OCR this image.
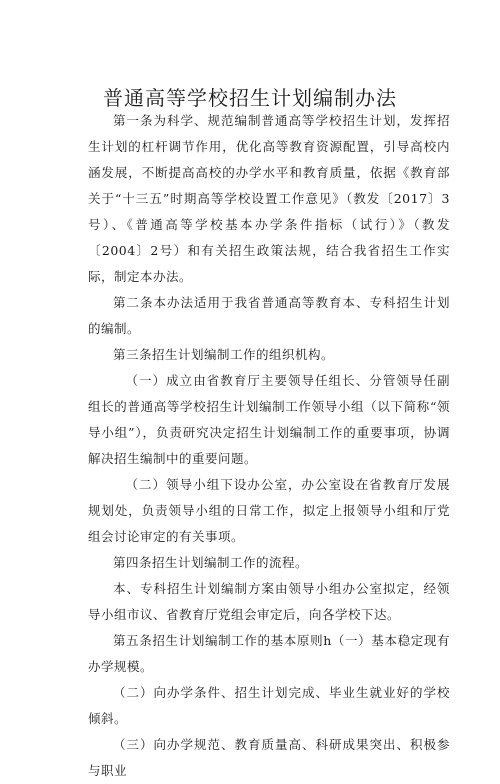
普通高等学校招生计划编制办法

第一条为科学、规范编制普通高等学校招生计划，发挥招生计划的杠杆调节作用，优化高等教育资源配置，引导高校内涵发展，不断提高高校的办学水平和教育质量，依据《教育部关于“十三五”时期高等学校设置工作意见》（教发〔2017〕3号）、《普通高等学校基本办学条件指标（试行）》（教发〔2004〕2号）和有关招生政策法规，结合我省招生工作实际，制定本办法。

第二条本办法适用于我省普通高等教育本、专科招生计划的编制。

第三条招生计划编制工作的组织机构。

（一）成立由省教育厅主要领导任组长、分管领导任副组长的普通高等学校招生计划编制工作领导小组（以下简称“领导小组”），负责研究决定招生计划编制工作的重要事项，协调解决招生编制中的重要问题。

（二）领导小组下设办公室，办公室设在省教育厅发展规划处，负责领导小组的日常工作，拟定上报领导小组和厅党组会讨论审定的有关事项。

第四条招生计划编制工作的流程。

本、专科招生计划编制方案由领导小组办公室拟定，经领导小组市议、省教育厅党组会审定后，向各学校下达。

第五条招生计划编制工作的基本原则h（一）基本稳定现有办学规模。

（二）向办学条件、招生计划完成、毕业生就业好的学校倾斜。

（三）向办学规范、教育质量高、科研成果突出、积极参与职业
